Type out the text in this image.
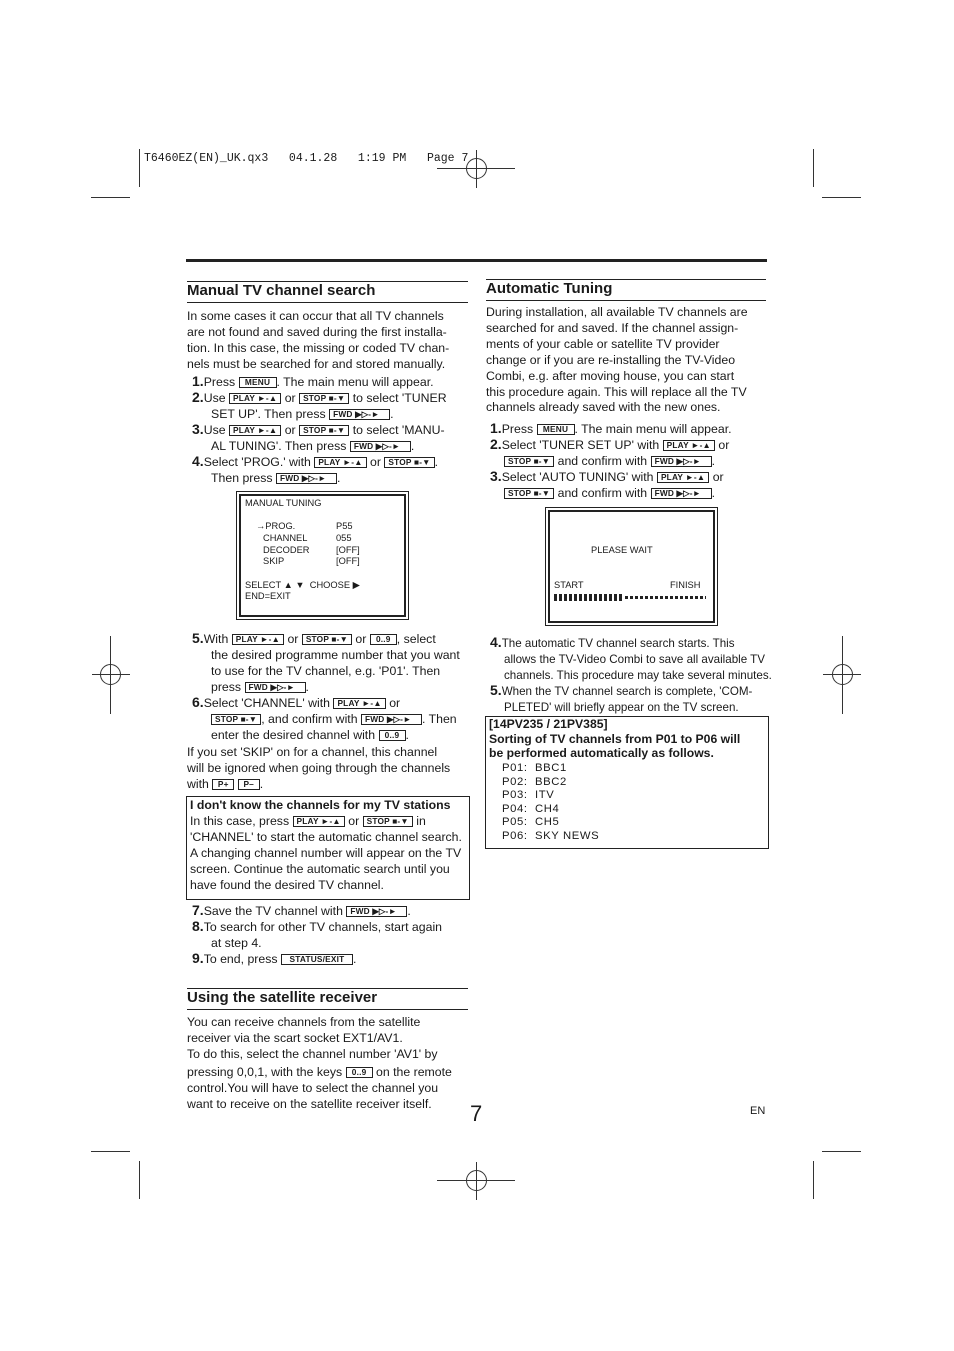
T6460EZ(EN)_UK.qx3   04.1.28   1:19 PM   Page 7
Manual TV channel search
In some cases it can occur that all TV channels
are not found and saved during the first installa-
tion. In this case, the missing or coded TV chan-
nels must be searched for and stored manually.
1.Press MENU . The main menu will appear.
2.Use PLAY ►-▲ or STOP ■-▼ to select 'TUNER
SET UP'. Then press FWD ▶▷-► .
3.Use PLAY ►-▲ or STOP ■-▼ to select 'MANU-
AL TUNING'. Then press FWD ▶▷-► .
4.Select 'PROG.' with PLAY ►-▲ or STOP ■-▼ .
Then press FWD ▶▷-► .
MANUAL TUNING
→PROG.	P55
CHANNEL	055
DECODER	[OFF]
SKIP	[OFF]
SELECT ▲ ▼  CHOOSE ▶
END=EXIT
5.With PLAY ►-▲ or STOP ■-▼ or 0..9 , select
the desired programme number that you want
to use for the TV channel, e.g. 'P01'. Then
press FWD ▶▷-► .
6.Select 'CHANNEL' with PLAY ►-▲ or
STOP ■-▼ , and confirm with FWD ▶▷-► . Then
enter the desired channel with 0..9 .
If you set 'SKIP' on for a channel, this channel
will be ignored when going through the channels
with P+ P– .
I don't know the channels for my TV stations
In this case, press PLAY ►-▲ or STOP ■-▼ in
'CHANNEL' to start the automatic channel search.
A changing channel number will appear on the TV
screen. Continue the automatic search until you
have found the desired TV channel.
7.Save the TV channel with FWD ▶▷-► .
8.To search for other TV channels, start again
at step 4.
9.To end, press STATUS/EXIT .
Using the satellite receiver
You can receive channels from the satellite
receiver via the scart socket EXT1/AV1.
To do this, select the channel number 'AV1' by
pressing 0,0,1, with the keys 0..9 on the remote
control.You will have to select the channel you
want to receive on the satellite receiver itself.
Automatic Tuning
During installation, all available TV channels are
searched for and saved. If the channel assign-
ments of your cable or satellite TV provider
change or if you are re-installing the TV-Video
Combi, e.g. after moving house, you can start
this procedure again. This will replace all the TV
channels already saved with the new ones.
1.Press MENU . The main menu will appear.
2.Select 'TUNER SET UP' with PLAY ►-▲ or
STOP ■-▼ and confirm with FWD ▶▷-► .
3.Select 'AUTO TUNING' with PLAY ►-▲ or
STOP ■-▼ and confirm with FWD ▶▷-► .
PLEASE WAIT
START	FINISH
4.The automatic TV channel search starts. This
allows the TV-Video Combi to save all available TV
channels. This procedure may take several minutes.
5.When the TV channel search is complete, 'COM-
PLETED' will briefly appear on the TV screen.
[14PV235 / 21PV385]
Sorting of TV channels from P01 to P06 will
be performed automatically as follows.
P01: BBC1
P02: BBC2
P03: ITV
P04: CH4
P05: CH5
P06: SKY NEWS
7	EN
